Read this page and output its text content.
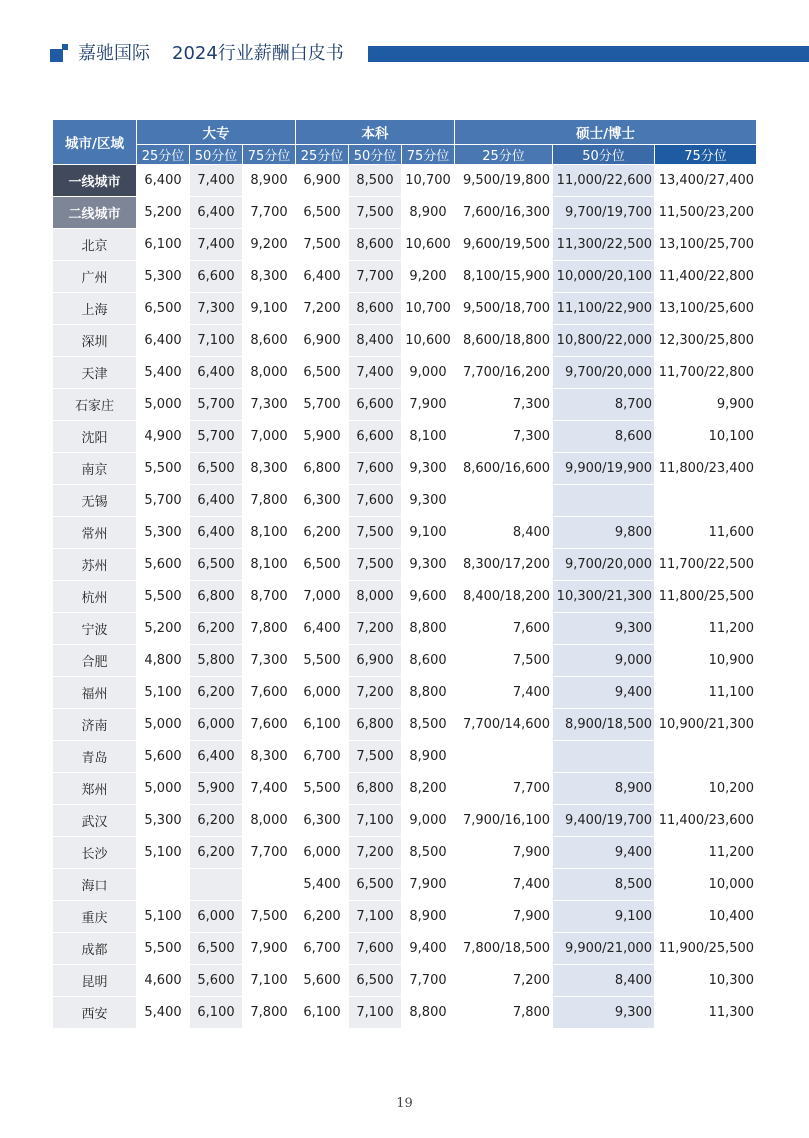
嘉驰国际 2024行业薪酬白皮书
城市/区域	大专			本科			硕士/博士		
	25分位	50分位	75分位	25分位	50分位	75分位	25分位	50分位	75分位
一线城市	6,400	7,400	8,900	6,900	8,500	10,700	9,500/19,800	11,000/22,600	13,400/27,400
二线城市	5,200	6,400	7,700	6,500	7,500	8,900	7,600/16,300	9,700/19,700	11,500/23,200
北京	6,100	7,400	9,200	7,500	8,600	10,600	9,600/19,500	11,300/22,500	13,100/25,700
广州	5,300	6,600	8,300	6,400	7,700	9,200	8,100/15,900	10,000/20,100	11,400/22,800
上海	6,500	7,300	9,100	7,200	8,600	10,700	9,500/18,700	11,100/22,900	13,100/25,600
深圳	6,400	7,100	8,600	6,900	8,400	10,600	8,600/18,800	10,800/22,000	12,300/25,800
天津	5,400	6,400	8,000	6,500	7,400	9,000	7,700/16,200	9,700/20,000	11,700/22,800
石家庄	5,000	5,700	7,300	5,700	6,600	7,900	7,300	8,700	9,900
沈阳	4,900	5,700	7,000	5,900	6,600	8,100	7,300	8,600	10,100
南京	5,500	6,500	8,300	6,800	7,600	9,300	8,600/16,600	9,900/19,900	11,800/23,400
无锡	5,700	6,400	7,800	6,300	7,600	9,300			
常州	5,300	6,400	8,100	6,200	7,500	9,100	8,400	9,800	11,600
苏州	5,600	6,500	8,100	6,500	7,500	9,300	8,300/17,200	9,700/20,000	11,700/22,500
杭州	5,500	6,800	8,700	7,000	8,000	9,600	8,400/18,200	10,300/21,300	11,800/25,500
宁波	5,200	6,200	7,800	6,400	7,200	8,800	7,600	9,300	11,200
合肥	4,800	5,800	7,300	5,500	6,900	8,600	7,500	9,000	10,900
福州	5,100	6,200	7,600	6,000	7,200	8,800	7,400	9,400	11,100
济南	5,000	6,000	7,600	6,100	6,800	8,500	7,700/14,600	8,900/18,500	10,900/21,300
青岛	5,600	6,400	8,300	6,700	7,500	8,900			
郑州	5,000	5,900	7,400	5,500	6,800	8,200	7,700	8,900	10,200
武汉	5,300	6,200	8,000	6,300	7,100	9,000	7,900/16,100	9,400/19,700	11,400/23,600
长沙	5,100	6,200	7,700	6,000	7,200	8,500	7,900	9,400	11,200
海口				5,400	6,500	7,900	7,400	8,500	10,000
重庆	5,100	6,000	7,500	6,200	7,100	8,900	7,900	9,100	10,400
成都	5,500	6,500	7,900	6,700	7,600	9,400	7,800/18,500	9,900/21,000	11,900/25,500
昆明	4,600	5,600	7,100	5,600	6,500	7,700	7,200	8,400	10,300
西安	5,400	6,100	7,800	6,100	7,100	8,800	7,800	9,300	11,300
19
